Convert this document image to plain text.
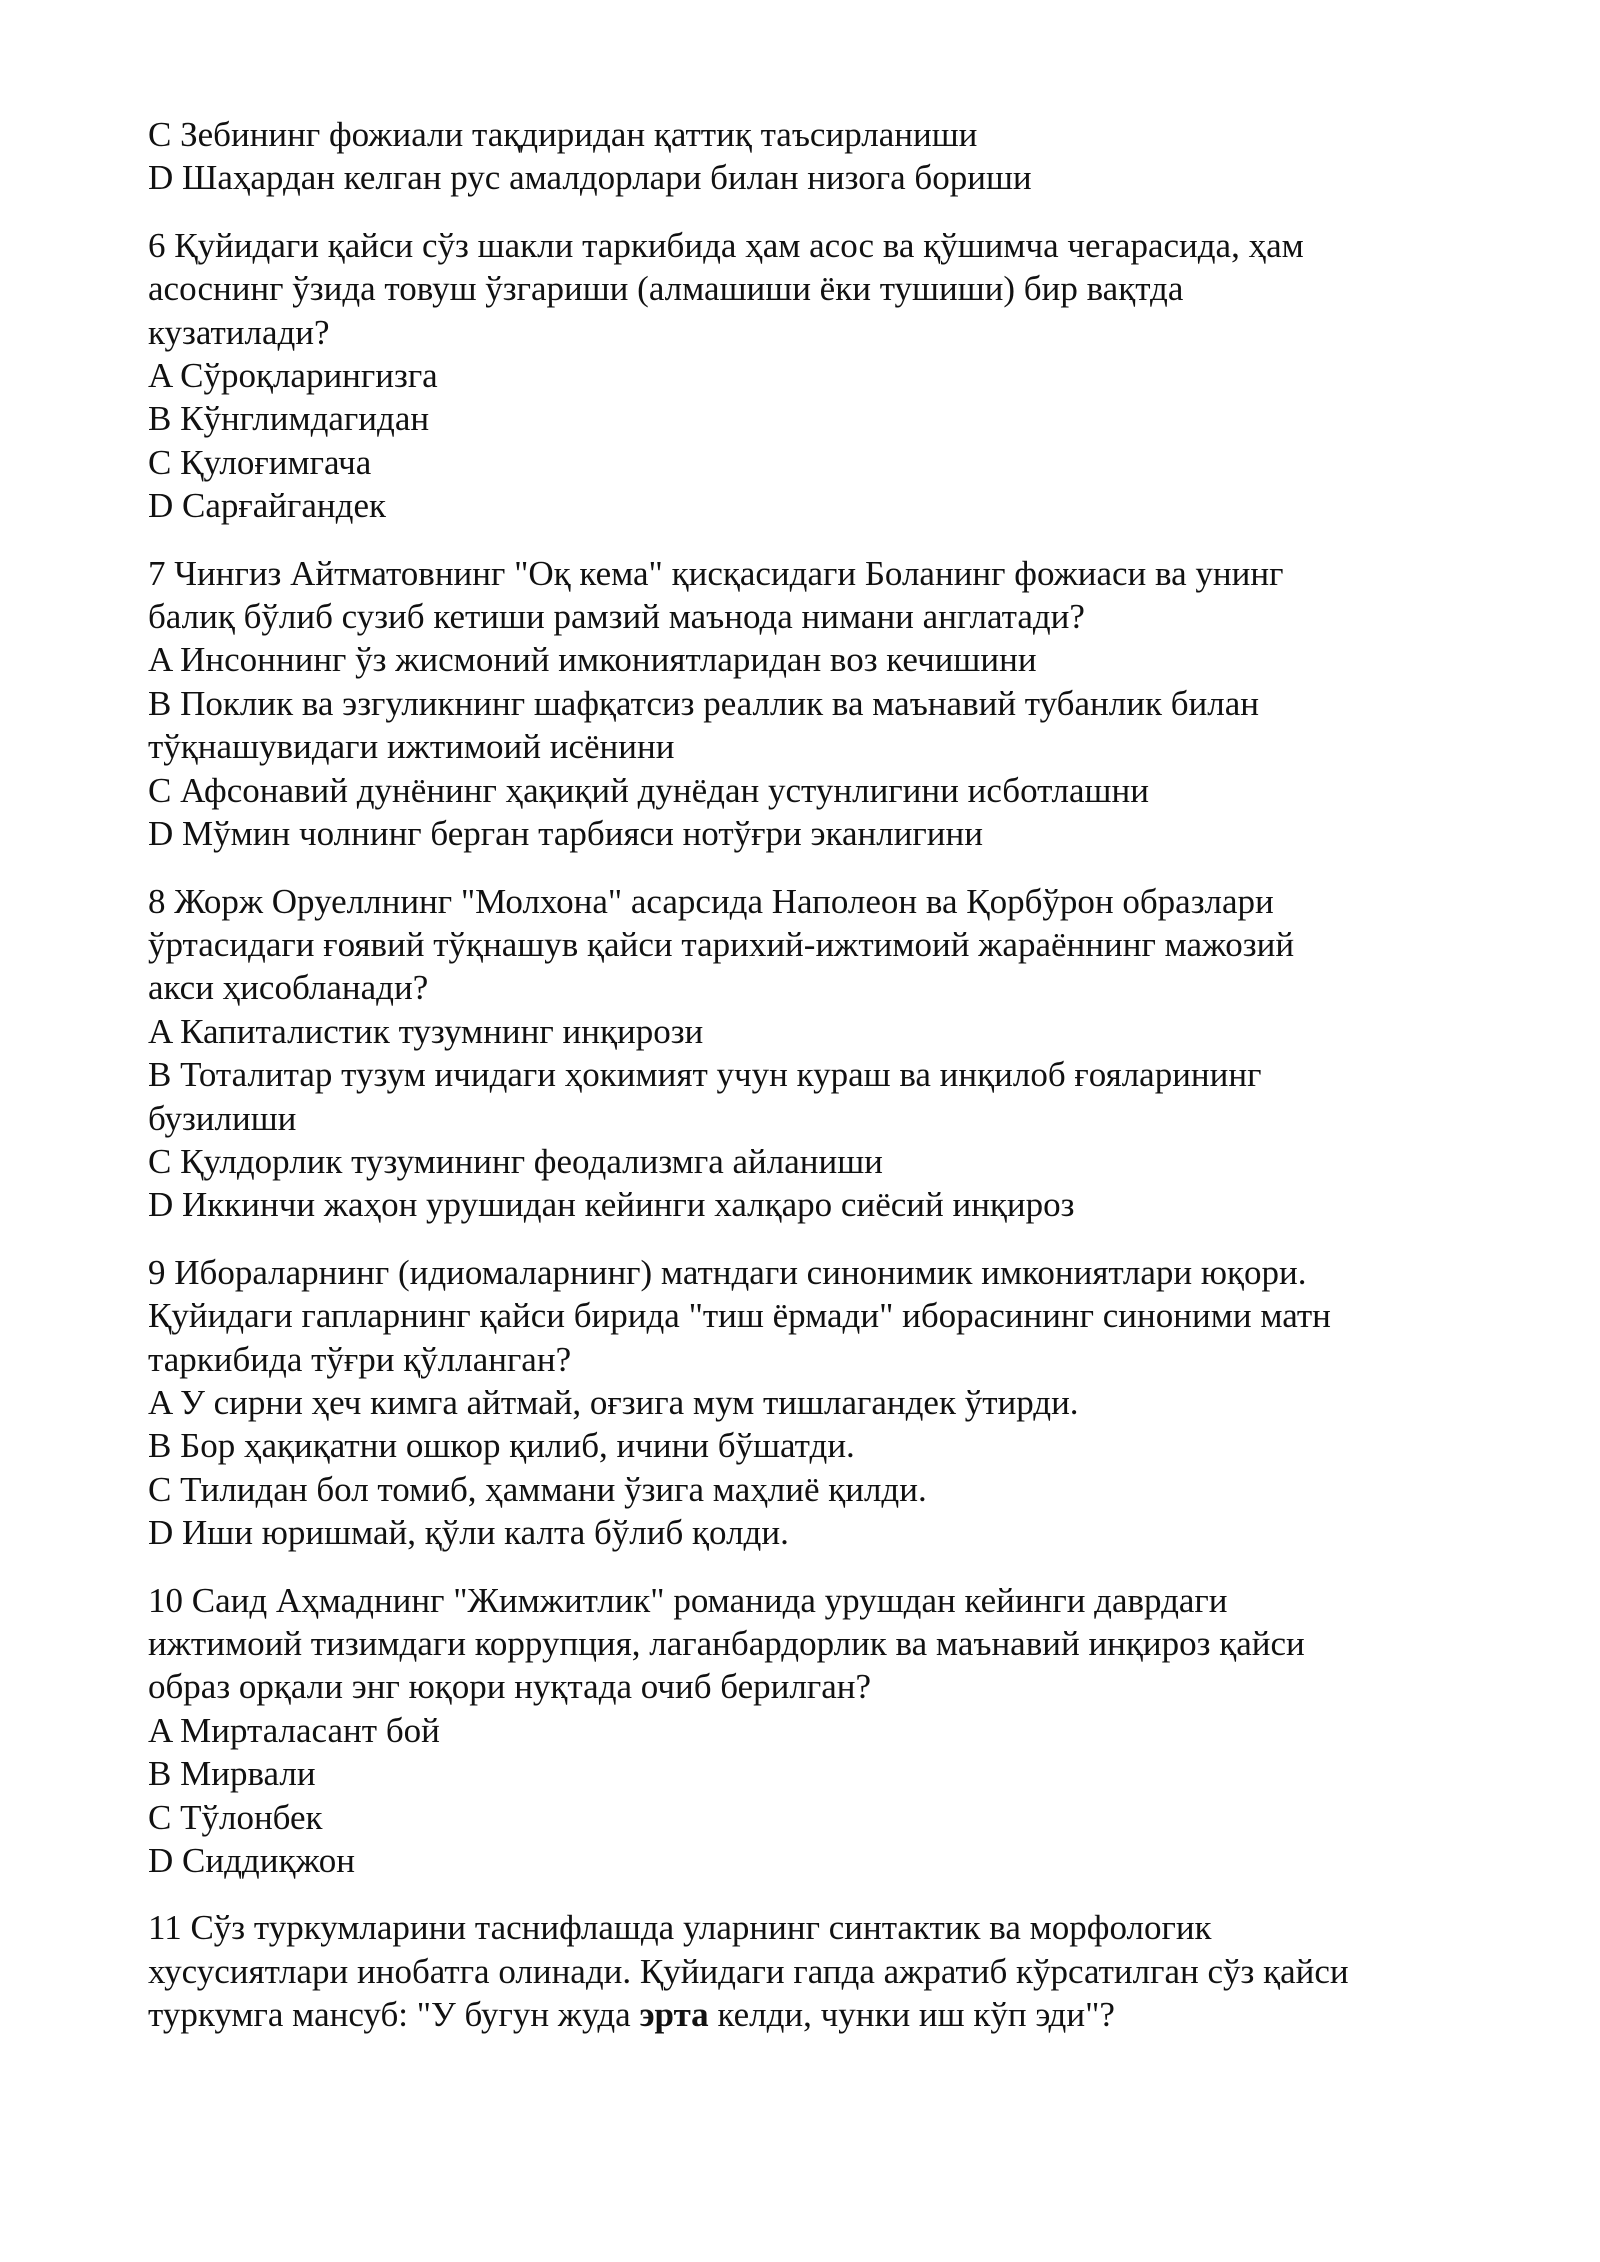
С Зебининг фожиали тақдиридан қаттиқ таъсирланиши
D Шаҳардан келган рус амалдорлари билан низога бориши
6 Қуйидаги қайси сўз шакли таркибида ҳам асос ва қўшимча чегарасида, ҳам
асоснинг ўзида товуш ўзгариши (алмашиши ёки тушиши) бир вақтда
кузатилади?
A Сўроқларингизга
B Кўнглимдагидан
C Қулоғимгача
D Сарғайгандек
7 Чингиз Айтматовнинг "Оқ кема" қисқасидаги Боланинг фожиаси ва унинг
балиқ бўлиб сузиб кетиши рамзий маънода нимани англатади?
A Инсоннинг ўз жисмоний имкониятларидан воз кечишини
B Поклик ва эзгуликнинг шафқатсиз реаллик ва маънавий тубанлик билан
тўқнашувидаги ижтимоий исёнини
C Афсонавий дунёнинг ҳақиқий дунёдан устунлигини исботлашни
D Мўмин чолнинг берган тарбияси нотўғри эканлигини
8 Жорж Оруеллнинг "Молхона" асарсида Наполеон ва Қорбўрон образлари
ўртасидаги ғоявий тўқнашув қайси тарихий-ижтимоий жараённинг мажозий
акси ҳисобланади?
A Капиталистик тузумнинг инқирози
B Тоталитар тузум ичидаги ҳокимият учун кураш ва инқилоб ғояларининг
бузилиши
C Қулдорлик тузумининг феодализмга айланиши
D Иккинчи жаҳон урушидан кейинги халқаро сиёсий инқироз
9 Ибораларнинг (идиомаларнинг) матндаги синонимик имкониятлари юқори.
Қуйидаги гапларнинг қайси бирида "тиш ёрмади" иборасининг синоними матн
таркибида тўғри қўлланган?
A У сирни ҳеч кимга айтмай, оғзига мум тишлагандек ўтирди.
B Бор ҳақиқатни ошкор қилиб, ичини бўшатди.
C Тилидан бол томиб, ҳаммани ўзига маҳлиё қилди.
D Иши юришмай, қўли калта бўлиб қолди.
10 Саид Аҳмаднинг "Жимжитлик" романида урушдан кейинги даврдаги
ижтимоий тизимдаги коррупция, лаганбардорлик ва маънавий инқироз қайси
образ орқали энг юқори нуқтада очиб берилган?
A Мирталасант бой
B Мирвали
C Тўлонбек
D Сиддиқжон
11 Сўз туркумларини таснифлашда уларнинг синтактик ва морфологик
хусусиятлари инобатга олинади. Қуйидаги гапда ажратиб кўрсатилган сўз қайси
туркумга мансуб: "У бугун жуда эрта келди, чунки иш кўп эди"?
